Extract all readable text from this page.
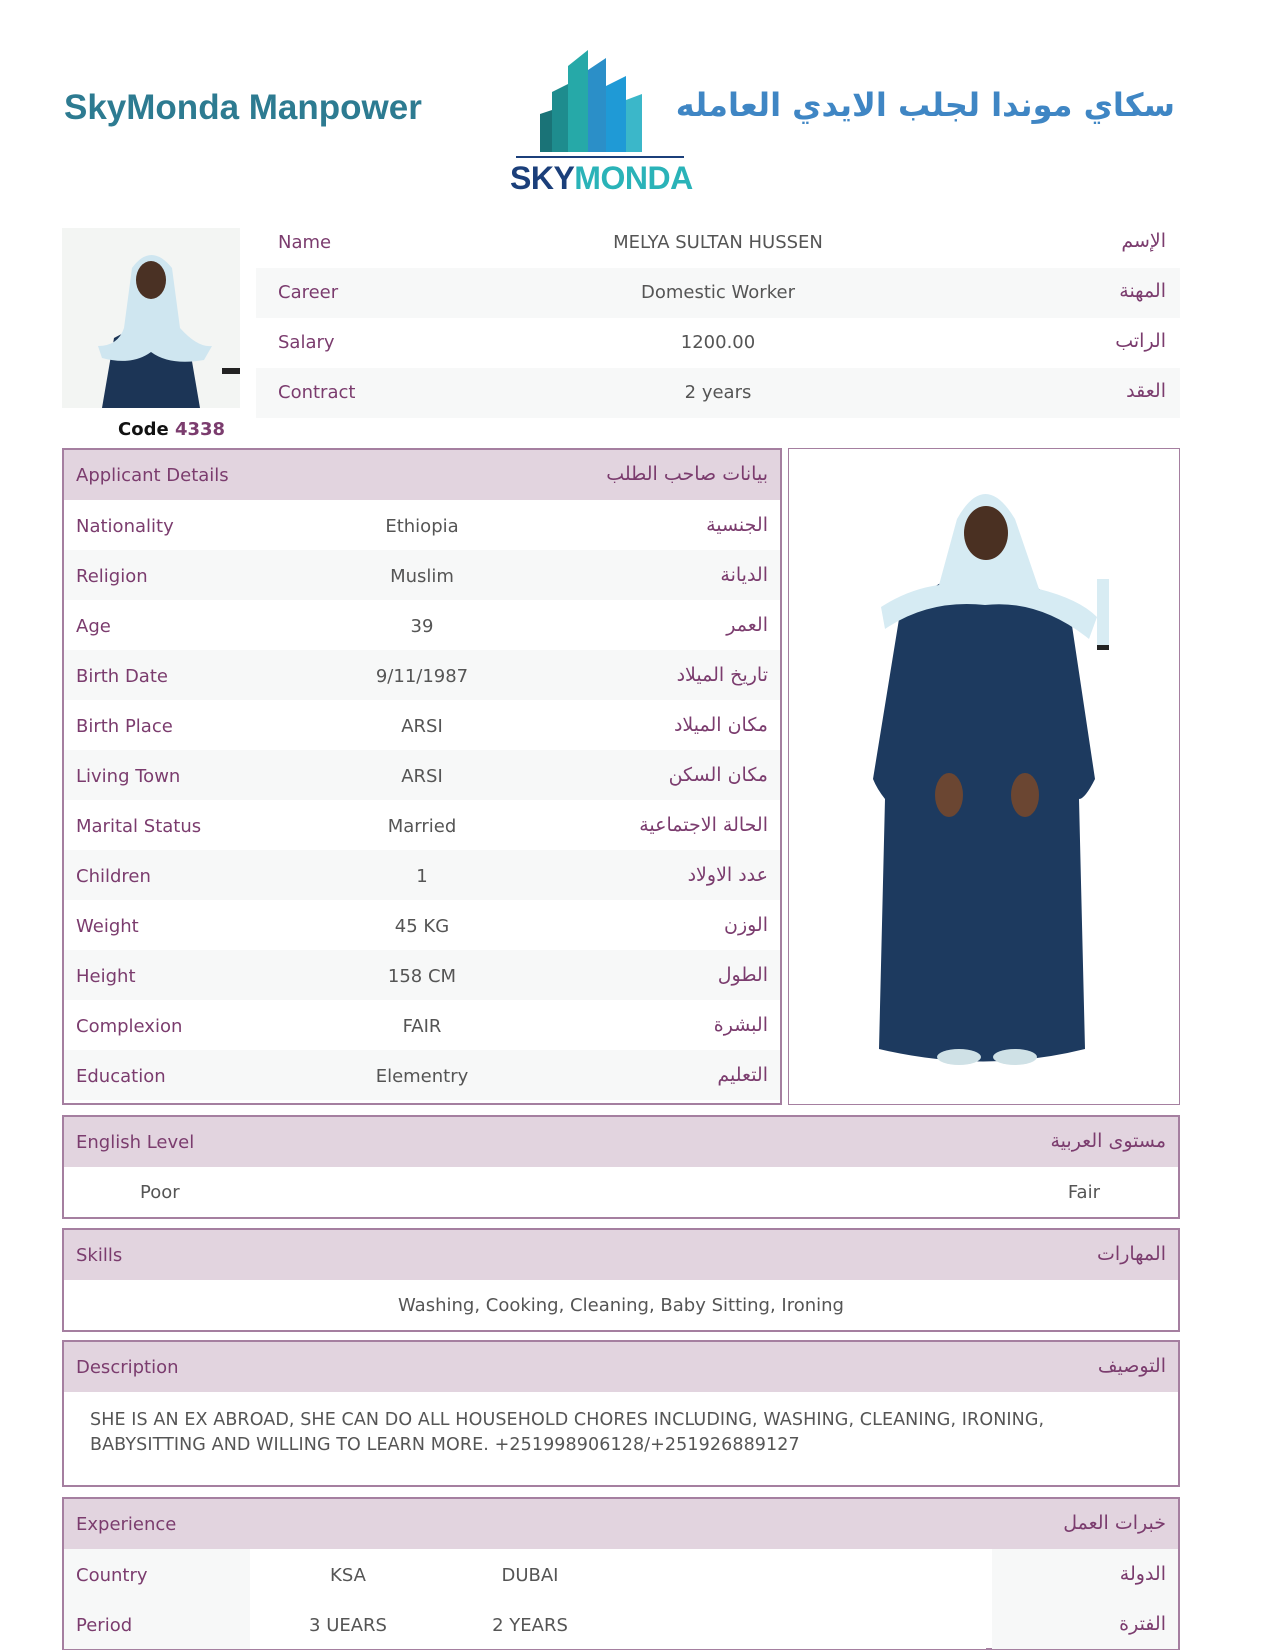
SkyMonda Manpower
SKYMONDA
سكاي موندا لجلب الايدي العامله
Code 4338
Name	MELYA SULTAN HUSSEN	الإسم
Career	Domestic Worker	المهنة
Salary	1200.00	الراتب
Contract	2 years	العقد
Applicant Details	بيانات صاحب الطلب
Nationality	Ethiopia	الجنسية
Religion	Muslim	الديانة
Age	39	العمر
Birth Date	9/11/1987	تاريخ الميلاد
Birth Place	ARSI	مكان الميلاد
Living Town	ARSI	مكان السكن
Marital Status	Married	الحالة الاجتماعية
Children	1	عدد الاولاد
Weight	45 KG	الوزن
Height	158 CM	الطول
Complexion	FAIR	البشرة
Education	Elementry	التعليم
English Level	مستوى العربية
Poor	Fair
Skills	المهارات
Washing, Cooking, Cleaning, Baby Sitting, Ironing
Description	التوصيف
SHE IS AN EX ABROAD, SHE CAN DO ALL HOUSEHOLD CHORES INCLUDING, WASHING, CLEANING, IRONING, BABYSITTING AND WILLING TO LEARN MORE. +251998906128/+251926889127
Experience	خبرات العمل
Country	KSA	DUBAI	الدولة
Period	3 UEARS	2 YEARS	الفترة
